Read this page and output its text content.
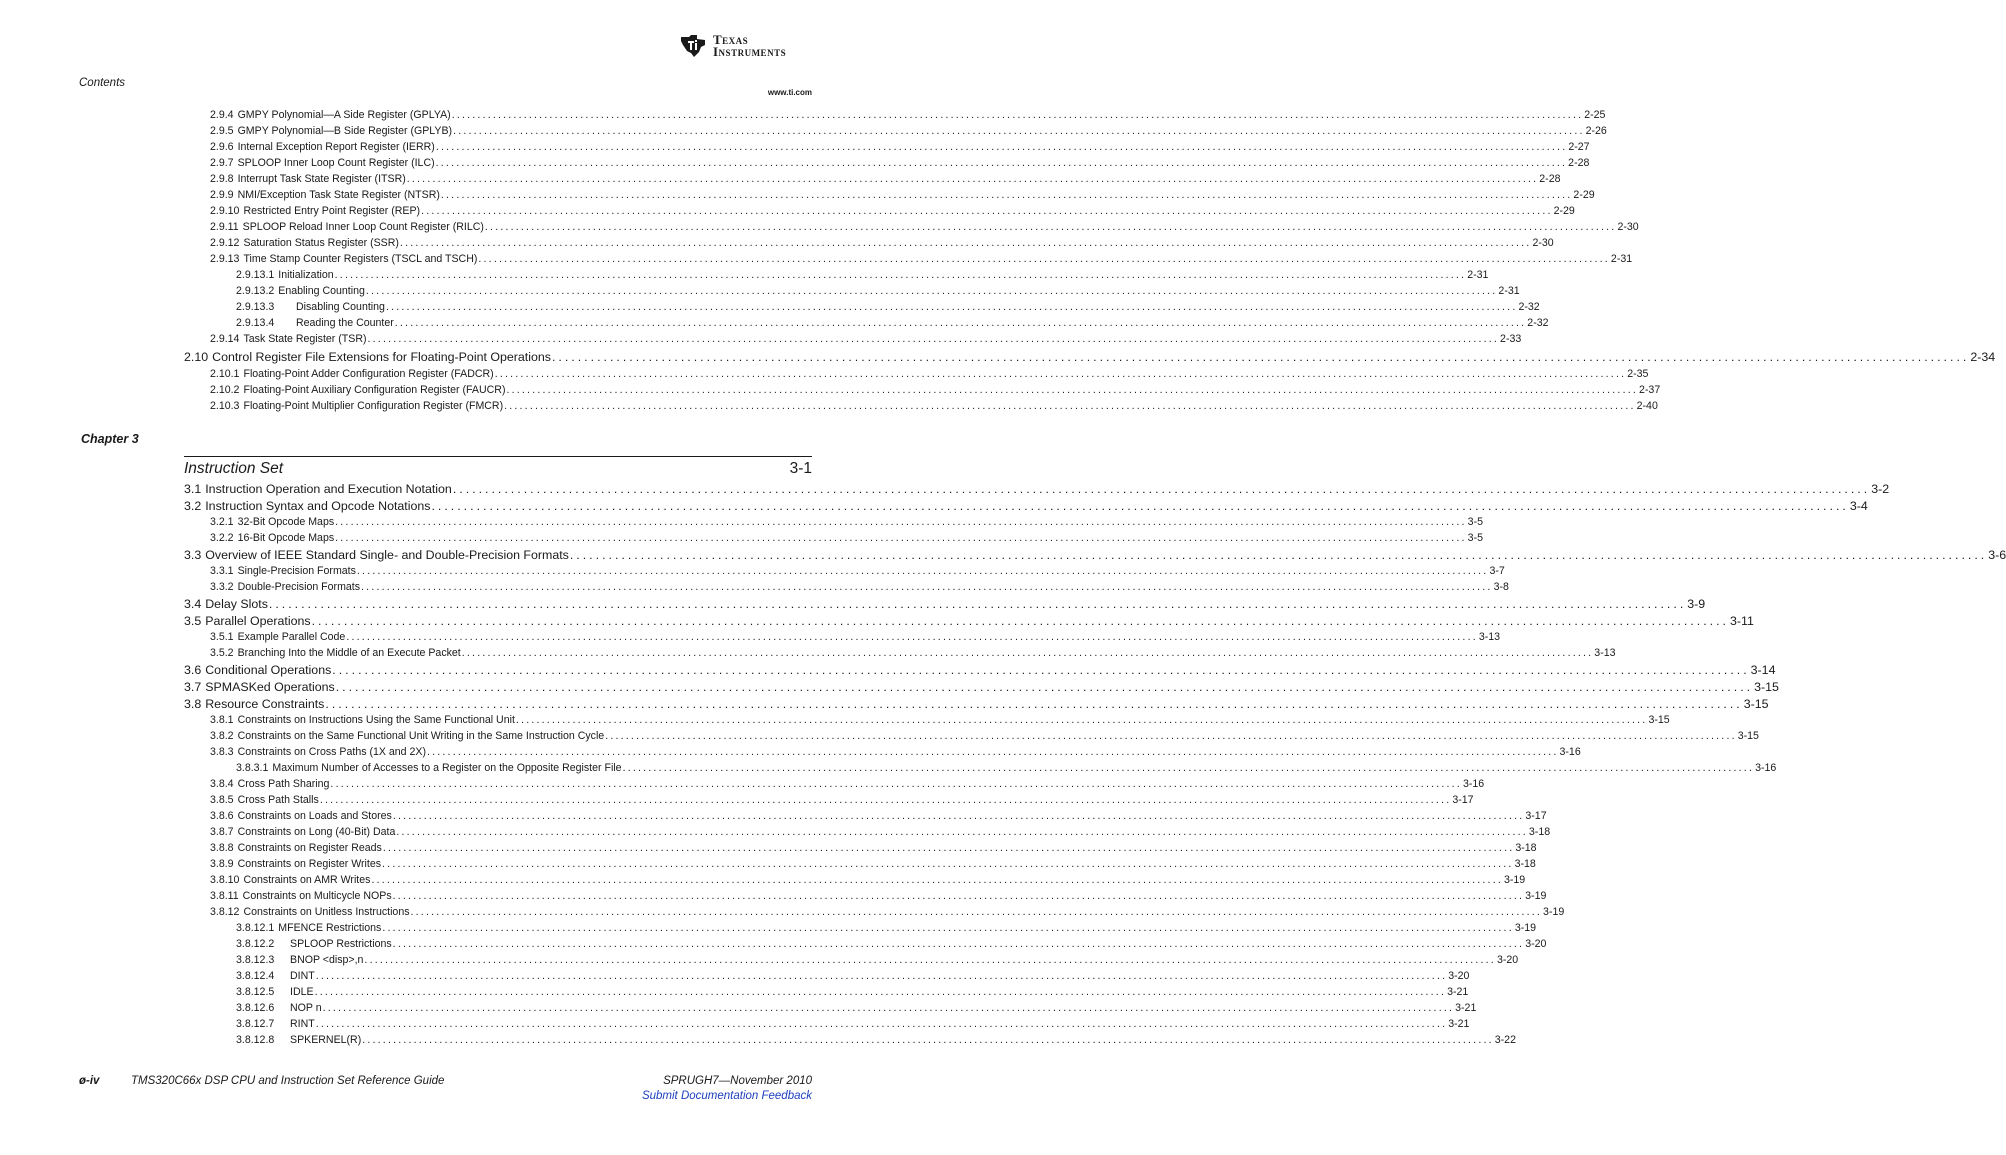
Texas
Instruments
Contents
www.ti.com
2.9.4 GMPY Polynomial—A Side Register (GPLYA) ............................................................................................................................................................................................................................ 2-25
2.9.5 GMPY Polynomial—B Side Register (GPLYB) ............................................................................................................................................................................................................................ 2-26
2.9.6 Internal Exception Report Register (IERR) ............................................................................................................................................................................................................................ 2-27
2.9.7 SPLOOP Inner Loop Count Register (ILC) ............................................................................................................................................................................................................................ 2-28
2.9.8 Interrupt Task State Register (ITSR) ............................................................................................................................................................................................................................ 2-28
2.9.9 NMI/Exception Task State Register (NTSR) ............................................................................................................................................................................................................................ 2-29
2.9.10 Restricted Entry Point Register (REP) ............................................................................................................................................................................................................................ 2-29
2.9.11 SPLOOP Reload Inner Loop Count Register (RILC) ............................................................................................................................................................................................................................ 2-30
2.9.12 Saturation Status Register (SSR) ............................................................................................................................................................................................................................ 2-30
2.9.13 Time Stamp Counter Registers (TSCL and TSCH) ............................................................................................................................................................................................................................ 2-31
2.9.13.1 Initialization ............................................................................................................................................................................................................................ 2-31
2.9.13.2 Enabling Counting ............................................................................................................................................................................................................................ 2-31
2.9.13.3 Disabling Counting ............................................................................................................................................................................................................................ 2-32
2.9.13.4 Reading the Counter ............................................................................................................................................................................................................................ 2-32
2.9.14 Task State Register (TSR) ............................................................................................................................................................................................................................ 2-33
2.10 Control Register File Extensions for Floating-Point Operations ............................................................................................................................................................................................................................ 2-34
2.10.1 Floating-Point Adder Configuration Register (FADCR) ............................................................................................................................................................................................................................ 2-35
2.10.2 Floating-Point Auxiliary Configuration Register (FAUCR) ............................................................................................................................................................................................................................ 2-37
2.10.3 Floating-Point Multiplier Configuration Register (FMCR) ............................................................................................................................................................................................................................ 2-40
Chapter 3
Instruction Set	3-1
3.1 Instruction Operation and Execution Notation ............................................................................................................................................................................................................................ 3-2
3.2 Instruction Syntax and Opcode Notations ............................................................................................................................................................................................................................ 3-4
3.2.1 32-Bit Opcode Maps ............................................................................................................................................................................................................................ 3-5
3.2.2 16-Bit Opcode Maps ............................................................................................................................................................................................................................ 3-5
3.3 Overview of IEEE Standard Single- and Double-Precision Formats ............................................................................................................................................................................................................................ 3-6
3.3.1 Single-Precision Formats ............................................................................................................................................................................................................................ 3-7
3.3.2 Double-Precision Formats ............................................................................................................................................................................................................................ 3-8
3.4 Delay Slots ............................................................................................................................................................................................................................ 3-9
3.5 Parallel Operations ............................................................................................................................................................................................................................ 3-11
3.5.1 Example Parallel Code ............................................................................................................................................................................................................................ 3-13
3.5.2 Branching Into the Middle of an Execute Packet ............................................................................................................................................................................................................................ 3-13
3.6 Conditional Operations ............................................................................................................................................................................................................................ 3-14
3.7 SPMASKed Operations ............................................................................................................................................................................................................................ 3-15
3.8 Resource Constraints ............................................................................................................................................................................................................................ 3-15
3.8.1 Constraints on Instructions Using the Same Functional Unit ............................................................................................................................................................................................................................ 3-15
3.8.2 Constraints on the Same Functional Unit Writing in the Same Instruction Cycle ............................................................................................................................................................................................................................ 3-15
3.8.3 Constraints on Cross Paths (1X and 2X) ............................................................................................................................................................................................................................ 3-16
3.8.3.1 Maximum Number of Accesses to a Register on the Opposite Register File ............................................................................................................................................................................................................................ 3-16
3.8.4 Cross Path Sharing ............................................................................................................................................................................................................................ 3-16
3.8.5 Cross Path Stalls ............................................................................................................................................................................................................................ 3-17
3.8.6 Constraints on Loads and Stores ............................................................................................................................................................................................................................ 3-17
3.8.7 Constraints on Long (40-Bit) Data ............................................................................................................................................................................................................................ 3-18
3.8.8 Constraints on Register Reads ............................................................................................................................................................................................................................ 3-18
3.8.9 Constraints on Register Writes ............................................................................................................................................................................................................................ 3-18
3.8.10 Constraints on AMR Writes ............................................................................................................................................................................................................................ 3-19
3.8.11 Constraints on Multicycle NOPs ............................................................................................................................................................................................................................ 3-19
3.8.12 Constraints on Unitless Instructions ............................................................................................................................................................................................................................ 3-19
3.8.12.1 MFENCE Restrictions ............................................................................................................................................................................................................................ 3-19
3.8.12.2 SPLOOP Restrictions ............................................................................................................................................................................................................................ 3-20
3.8.12.3 BNOP <disp>,n ............................................................................................................................................................................................................................ 3-20
3.8.12.4 DINT ............................................................................................................................................................................................................................ 3-20
3.8.12.5 IDLE ............................................................................................................................................................................................................................ 3-21
3.8.12.6 NOP n ............................................................................................................................................................................................................................ 3-21
3.8.12.7 RINT ............................................................................................................................................................................................................................ 3-21
3.8.12.8 SPKERNEL(R) ............................................................................................................................................................................................................................ 3-22
ø-iv	TMS320C66x DSP CPU and Instruction Set Reference Guide	SPRUGH7—November 2010
Submit Documentation Feedback
